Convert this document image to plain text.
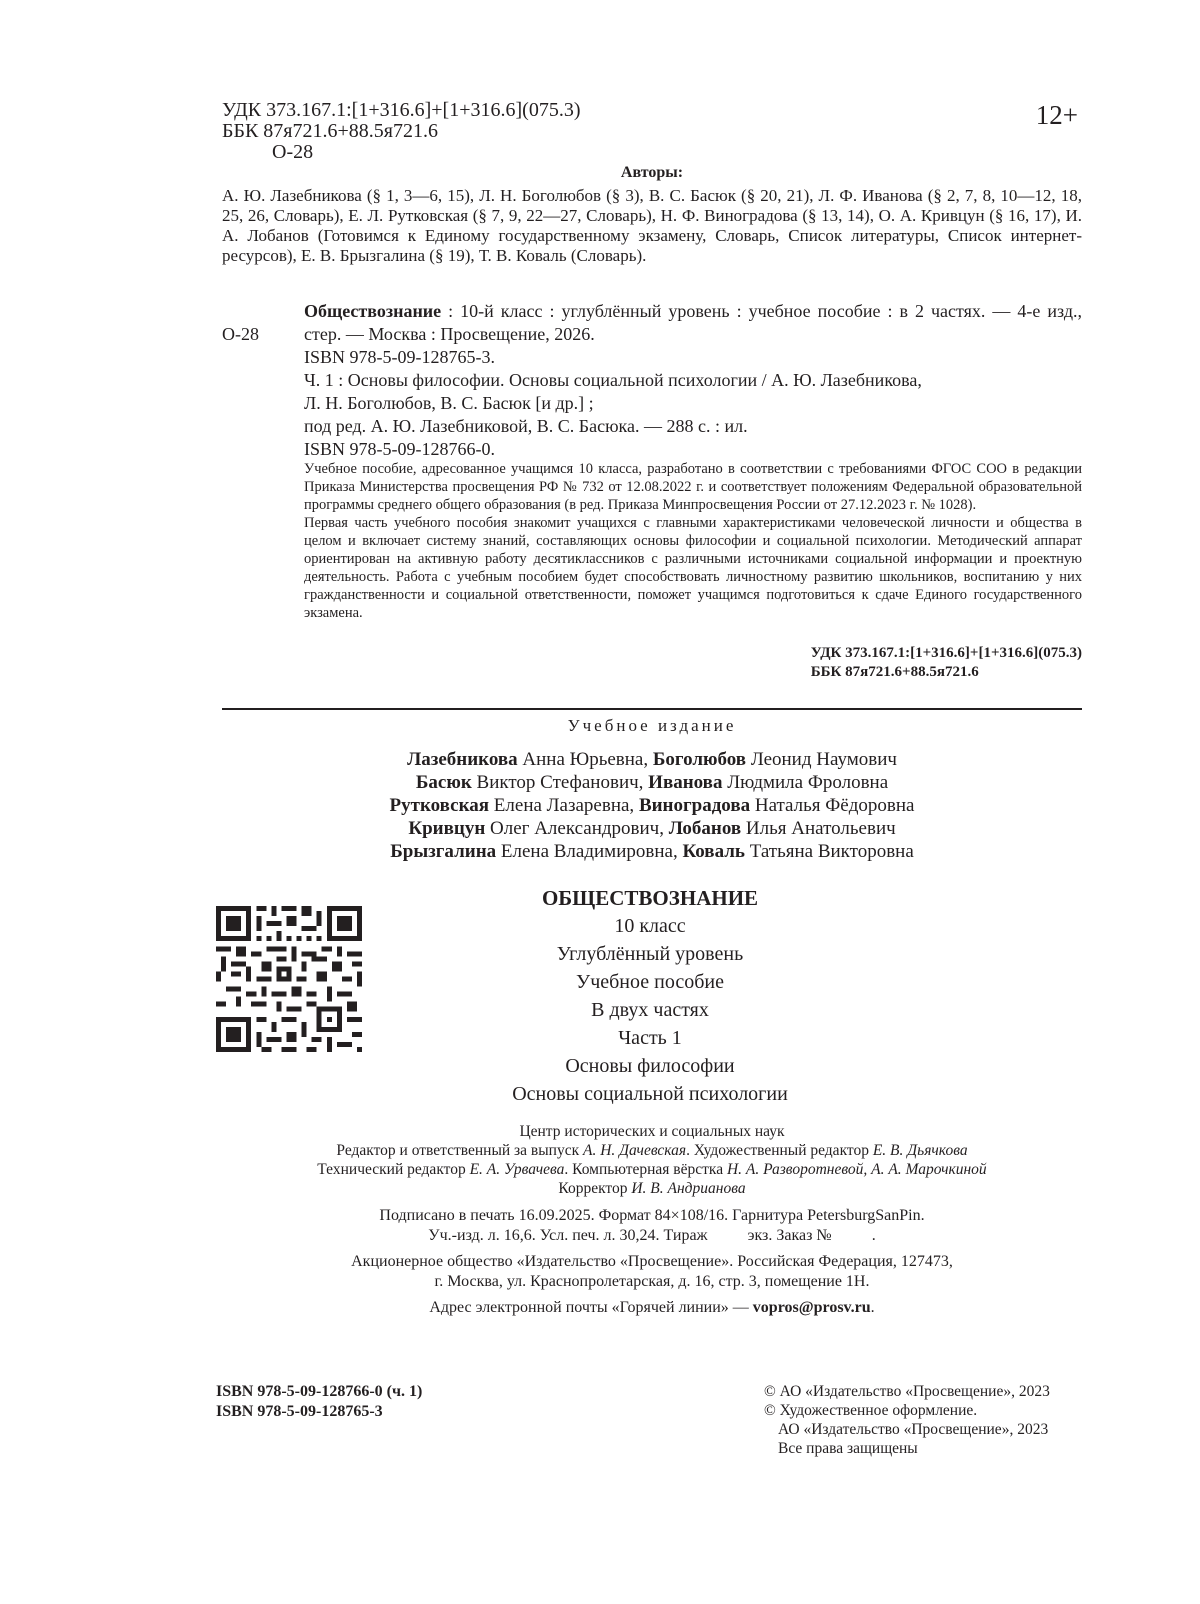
УДК 373.167.1:[1+316.6]+[1+316.6](075.3)
ББК 87я721.6+88.5я721.6
О-28
12+
Авторы:
А. Ю. Лазебникова (§ 1, 3—6, 15), Л. Н. Боголюбов (§ 3), В. С. Басюк (§ 20, 21), Л. Ф. Иванова (§ 2, 7, 8, 10—12, 18, 25, 26, Словарь), Е. Л. Рутковская (§ 7, 9, 22—27, Словарь), Н. Ф. Виноградова (§ 13, 14), О. А. Кривцун (§ 16, 17), И. А. Лобанов (Готовимся к Единому государственному экзамену, Словарь, Список литературы, Список интернет-ресурсов), Е. В. Брызгалина (§ 19), Т. В. Коваль (Словарь).
О-28
Обществознание : 10-й класс : углублённый уровень : учебное пособие : в 2 частях. — 4-е изд., стер. — Москва : Просвещение, 2026.
ISBN 978-5-09-128765-3.
Ч. 1 : Основы философии. Основы социальной психологии / А. Ю. Лазебникова,
Л. Н. Боголюбов, В. С. Басюк [и др.] ;
под ред. А. Ю. Лазебниковой, В. С. Басюка. — 288 с. : ил.
ISBN 978-5-09-128766-0.

Учебное пособие, адресованное учащимся 10 класса, разработано в соответствии с требованиями ФГОС СОО в редакции Приказа Министерства просвещения РФ № 732 от 12.08.2022 г. и соответствует положениям Федеральной образовательной программы среднего общего образования (в ред. Приказа Минпросвещения России от 27.12.2023 г. № 1028).

Первая часть учебного пособия знакомит учащихся с главными характеристиками человеческой личности и общества в целом и включает систему знаний, составляющих основы философии и социальной психологии. Методический аппарат ориентирован на активную работу десятиклассников с различными источниками социальной информации и проектную деятельность. Работа с учебным пособием будет способствовать личностному развитию школьников, воспитанию у них гражданственности и социальной ответственности, поможет учащимся подготовиться к сдаче Единого государственного экзамена.

УДК 373.167.1:[1+316.6]+[1+316.6](075.3)
ББК 87я721.6+88.5я721.6
Учебное издание
Лазебникова Анна Юрьевна, Боголюбов Леонид Наумович
Басюк Виктор Стефанович, Иванова Людмила Фроловна
Рутковская Елена Лазаревна, Виноградова Наталья Фёдоровна
Кривцун Олег Александрович, Лобанов Илья Анатольевич
Брызгалина Елена Владимировна, Коваль Татьяна Викторовна
ОБЩЕСТВОЗНАНИЕ
10 класс
Углублённый уровень
Учебное пособие
В двух частях
Часть 1
Основы философии
Основы социальной психологии
Центр исторических и социальных наук
Редактор и ответственный за выпуск А. Н. Дачевская. Художественный редактор Е. В. Дьячкова
Технический редактор Е. А. Урвачева. Компьютерная вёрстка Н. А. Разворотневой, А. А. Марочкиной
Корректор И. В. Андрианова
Подписано в печать 16.09.2025. Формат 84×108/16. Гарнитура PetersburgSanPin.
Уч.-изд. л. 16,6. Усл. печ. л. 30,24. Тираж          экз. Заказ №          .
Акционерное общество «Издательство «Просвещение». Российская Федерация, 127473,
г. Москва, ул. Краснопролетарская, д. 16, стр. 3, помещение 1Н.
Адрес электронной почты «Горячей линии» — vopros@prosv.ru.
ISBN 978-5-09-128766-0 (ч. 1)
ISBN 978-5-09-128765-3
© АО «Издательство «Просвещение», 2023
© Художественное оформление.
АО «Издательство «Просвещение», 2023
Все права защищены
